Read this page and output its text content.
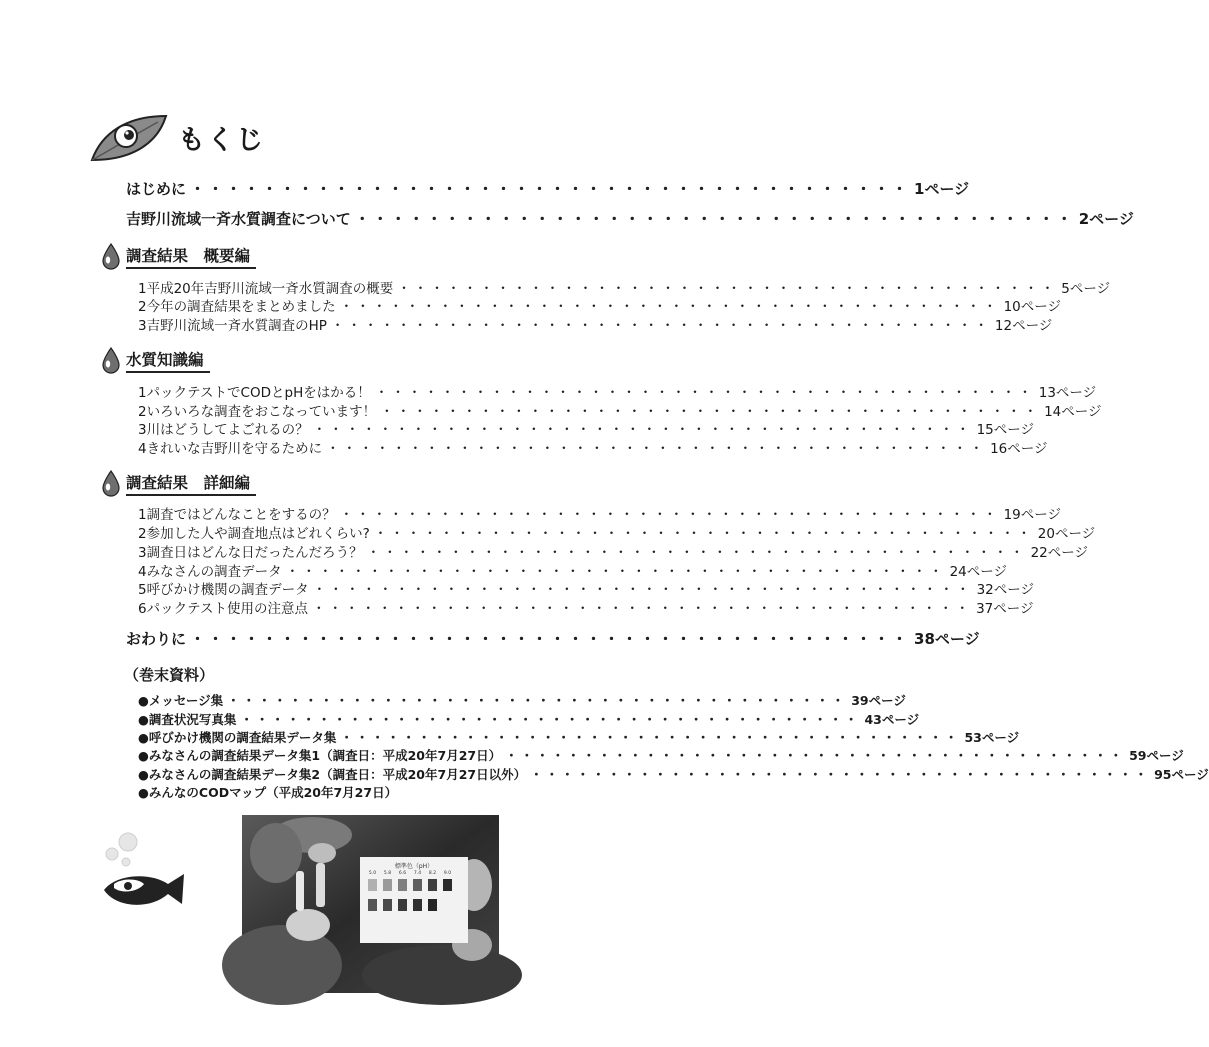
もくじ
はじめに ・・・・・・・・・・・・・・・・・・・・・・・・・・・・・・・・・・・・・・・・ 1ページ
吉野川流域一斉水質調査について ・・・・・・・・・・・・・・・・・・・・・・・・・・・・・・・・・・・・・・・・ 2ページ
調査結果　概要編
1 平成20年吉野川流域一斉水質調査の概要 ・・・・・・・・・・・・・・・・・・・・・・・・・・・・・・・・・・・・・・・・ 5ページ
2 今年の調査結果をまとめました ・・・・・・・・・・・・・・・・・・・・・・・・・・・・・・・・・・・・・・・・ 10ページ
3 吉野川流域一斉水質調査のHP ・・・・・・・・・・・・・・・・・・・・・・・・・・・・・・・・・・・・・・・・ 12ページ
水質知識編
1 パックテストでCODとpHをはかる！ ・・・・・・・・・・・・・・・・・・・・・・・・・・・・・・・・・・・・・・・・ 13ページ
2 いろいろな調査をおこなっています！ ・・・・・・・・・・・・・・・・・・・・・・・・・・・・・・・・・・・・・・・・ 14ページ
3 川はどうしてよごれるの？ ・・・・・・・・・・・・・・・・・・・・・・・・・・・・・・・・・・・・・・・・ 15ページ
4 きれいな吉野川を守るために ・・・・・・・・・・・・・・・・・・・・・・・・・・・・・・・・・・・・・・・・ 16ページ
調査結果　詳細編
1 調査ではどんなことをするの？ ・・・・・・・・・・・・・・・・・・・・・・・・・・・・・・・・・・・・・・・・ 19ページ
2 参加した人や調査地点はどれくらい? ・・・・・・・・・・・・・・・・・・・・・・・・・・・・・・・・・・・・・・・・ 20ページ
3 調査日はどんな日だったんだろう？ ・・・・・・・・・・・・・・・・・・・・・・・・・・・・・・・・・・・・・・・・ 22ページ
4 みなさんの調査データ ・・・・・・・・・・・・・・・・・・・・・・・・・・・・・・・・・・・・・・・・ 24ページ
5 呼びかけ機関の調査データ ・・・・・・・・・・・・・・・・・・・・・・・・・・・・・・・・・・・・・・・・ 32ページ
6 パックテスト使用の注意点 ・・・・・・・・・・・・・・・・・・・・・・・・・・・・・・・・・・・・・・・・ 37ページ
おわりに ・・・・・・・・・・・・・・・・・・・・・・・・・・・・・・・・・・・・・・・・ 38ページ
（巻末資料）
●メッセージ集 ・・・・・・・・・・・・・・・・・・・・・・・・・・・・・・・・・・・・・・・・ 39ページ
●調査状況写真集 ・・・・・・・・・・・・・・・・・・・・・・・・・・・・・・・・・・・・・・・・ 43ページ
●呼びかけ機関の調査結果データ集 ・・・・・・・・・・・・・・・・・・・・・・・・・・・・・・・・・・・・・・・・ 53ページ
●みなさんの調査結果データ集1（調査日：平成20年7月27日） ・・・・・・・・・・・・・・・・・・・・・・・・・・・・・・・・・・・・・・・・ 59ページ
●みなさんの調査結果データ集2（調査日：平成20年7月27日以外） ・・・・・・・・・・・・・・・・・・・・・・・・・・・・・・・・・・・・・・・・ 95ページ
●みんなのCODマップ（平成20年7月27日）
標準色（pH）
5.0 5.8 6.6 7.4 8.2 9.0
